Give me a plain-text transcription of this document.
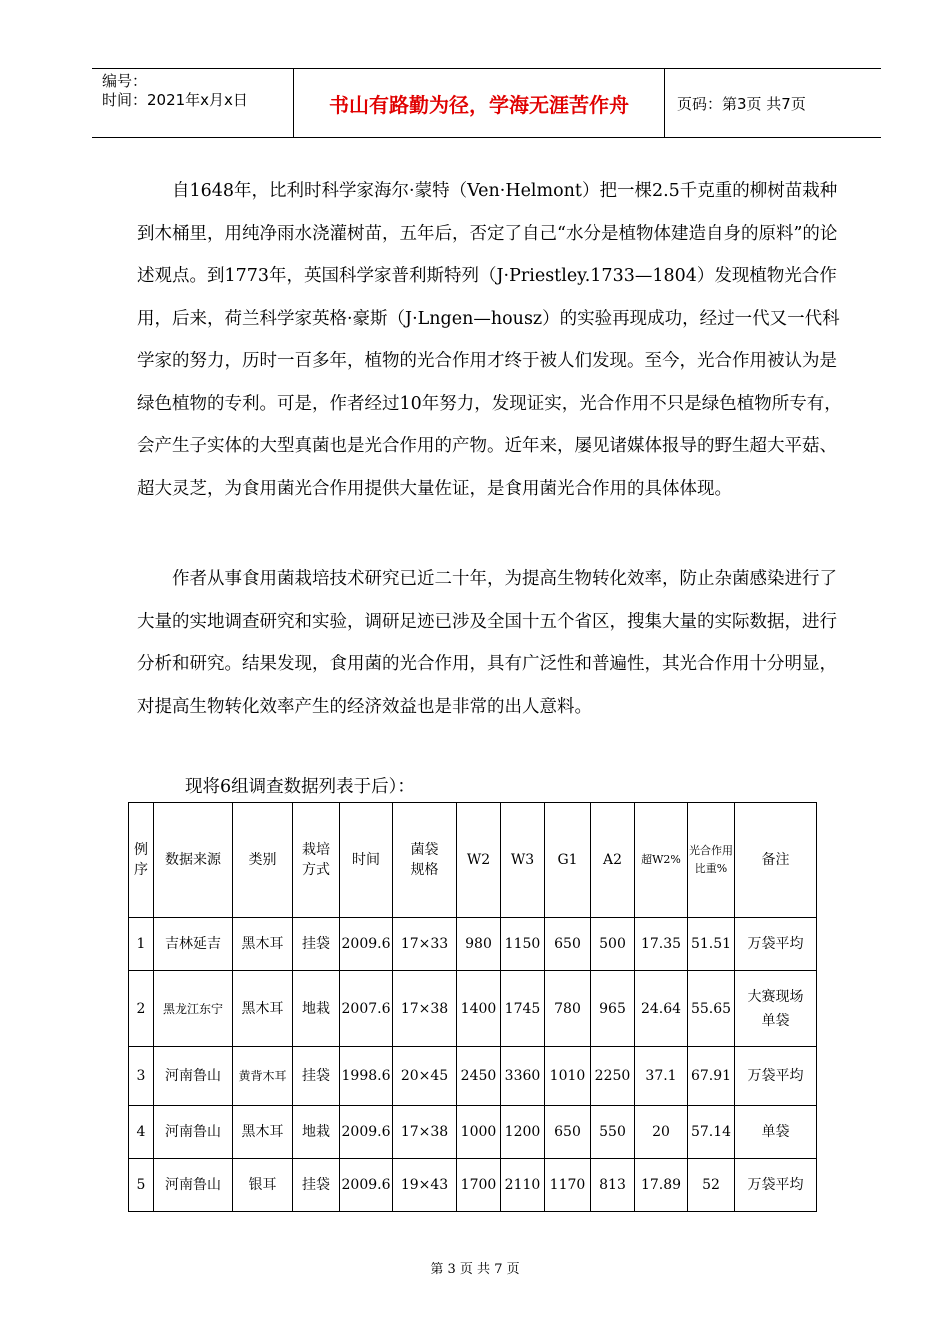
编号：
时间：2021年x月x日	书山有路勤为径，学海无涯苦作舟	页码：第3页 共7页

自1648年，比利时科学家海尔·蒙特（Ven·Helmont）把一棵2.5千克重的柳树苗栽种到木桶里，用纯净雨水浇灌树苗，五年后，否定了自己“水分是植物体建造自身的原料”的论述观点。到1773年，英国科学家普利斯特列（J·Priestley.1733—1804）发现植物光合作用，后来，荷兰科学家英格·豪斯（J·Lngen—housz）的实验再现成功，经过一代又一代科学家的努力，历时一百多年，植物的光合作用才终于被人们发现。至今，光合作用被认为是绿色植物的专利。可是，作者经过10年努力，发现证实，光合作用不只是绿色植物所专有，会产生子实体的大型真菌也是光合作用的产物。近年来，屡见诸媒体报导的野生超大平菇、超大灵芝，为食用菌光合作用提供大量佐证，是食用菌光合作用的具体体现。

作者从事食用菌栽培技术研究已近二十年，为提高生物转化效率，防止杂菌感染进行了大量的实地调查研究和实验，调研足迹已涉及全国十五个省区，搜集大量的实际数据，进行分析和研究。结果发现，食用菌的光合作用，具有广泛性和普遍性，其光合作用十分明显，对提高生物转化效率产生的经济效益也是非常的出人意料。

现将6组调查数据列表于后）：

例序	数据来源	类别	栽培方式	时间	菌袋规格	W2	W3	G1	A2	超W2%	光合作用比重%	备注
1	吉林延吉	黑木耳	挂袋	2009.6	17×33	980	1150	650	500	17.35	51.51	万袋平均
2	黑龙江东宁	黑木耳	地栽	2007.6	17×38	1400	1745	780	965	24.64	55.65	大赛现场单袋
3	河南鲁山	黄背木耳	挂袋	1998.6	20×45	2450	3360	1010	2250	37.1	67.91	万袋平均
4	河南鲁山	黑木耳	地栽	2009.6	17×38	1000	1200	650	550	20	57.14	单袋
5	河南鲁山	银耳	挂袋	2009.6	19×43	1700	2110	1170	813	17.89	52	万袋平均
第 3 页 共 7 页
